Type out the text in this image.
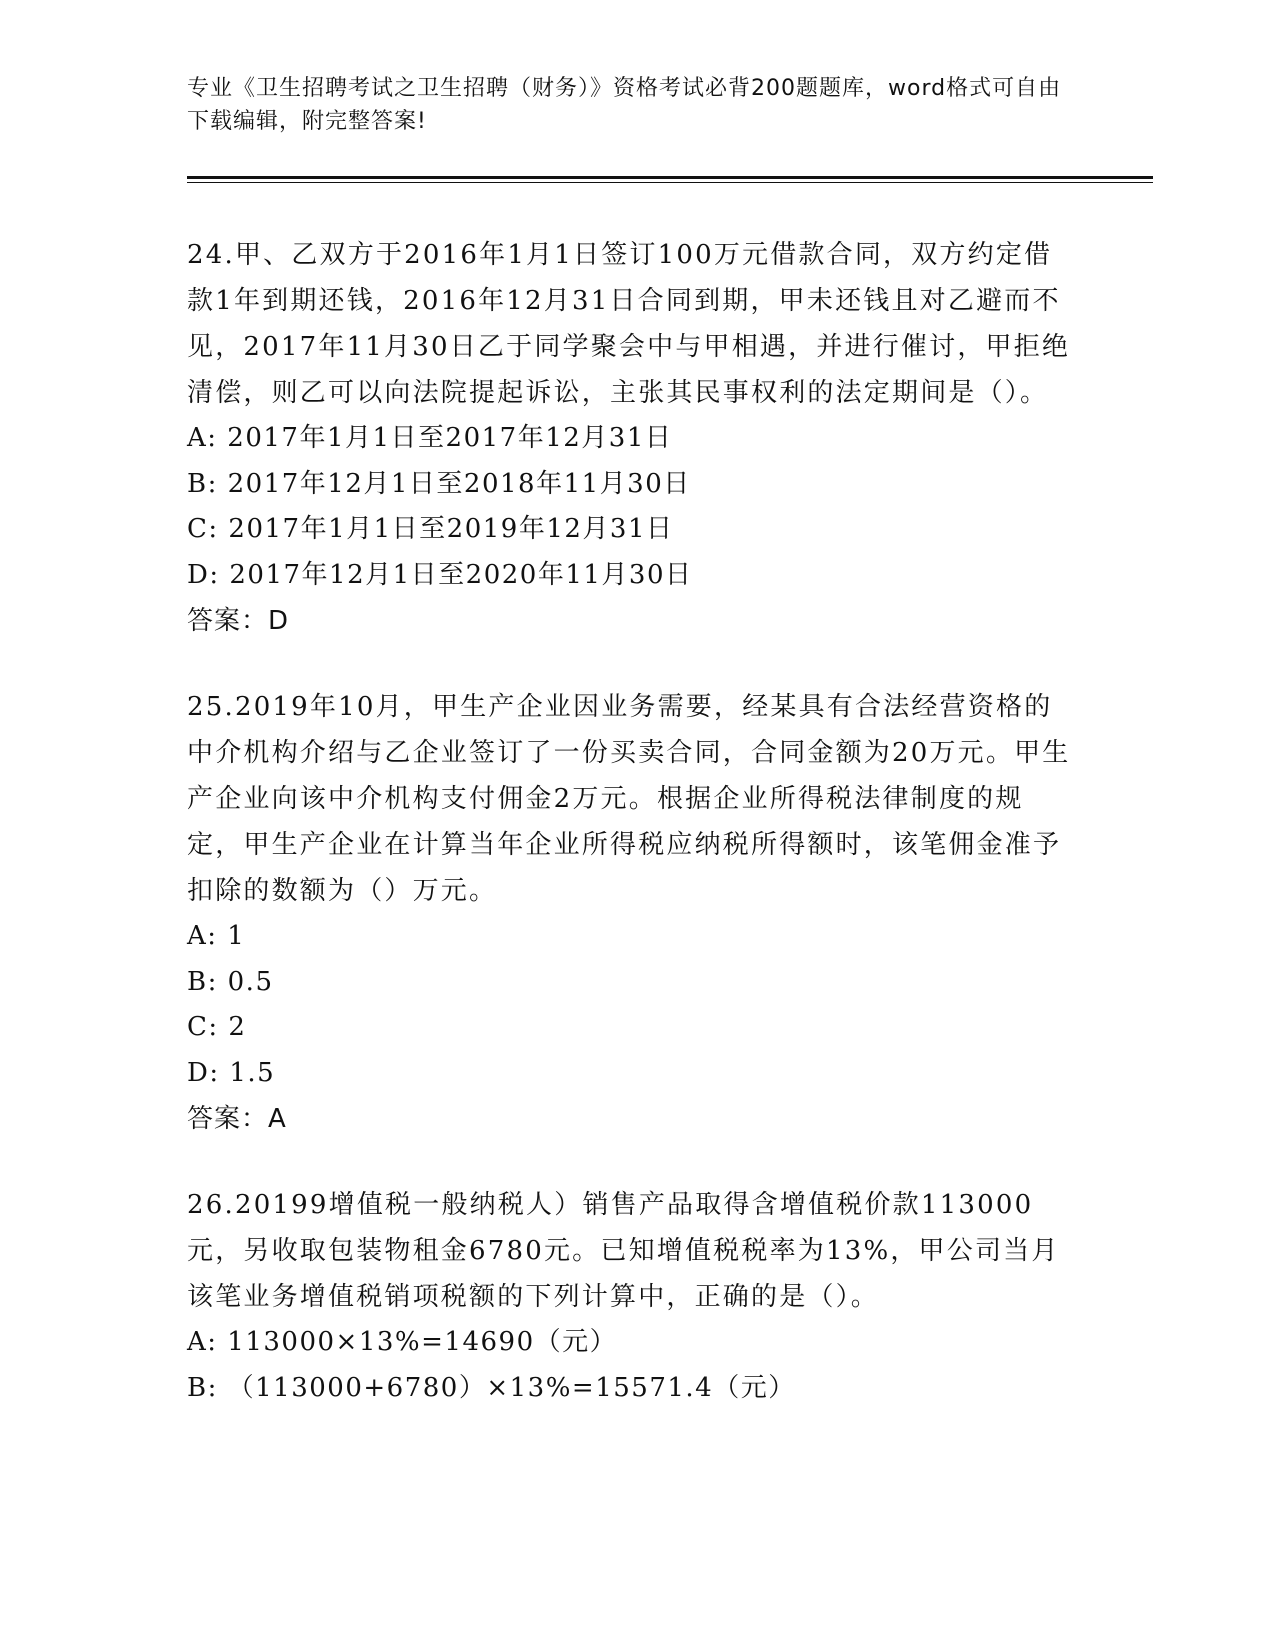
专业《卫生招聘考试之卫生招聘（财务）》资格考试必背200题题库，word格式可自由下载编辑，附完整答案!

24.甲、乙双方于2016年1月1日签订100万元借款合同，双方约定借款1年到期还钱，2016年12月31日合同到期，甲未还钱且对乙避而不见，2017年11月30日乙于同学聚会中与甲相遇，并进行催讨，甲拒绝清偿，则乙可以向法院提起诉讼，主张其民事权利的法定期间是（）。

A: 2017年1月1日至2017年12月31日

B: 2017年12月1日至2018年11月30日

C: 2017年1月1日至2019年12月31日

D: 2017年12月1日至2020年11月30日

答案：D

25.2019年10月，甲生产企业因业务需要，经某具有合法经营资格的中介机构介绍与乙企业签订了一份买卖合同，合同金额为20万元。甲生产企业向该中介机构支付佣金2万元。根据企业所得税法律制度的规定，甲生产企业在计算当年企业所得税应纳税所得额时，该笔佣金准予扣除的数额为（）万元。

A: 1

B: 0.5

C: 2

D: 1.5

答案：A

26.20199增值税一般纳税人）销售产品取得含增值税价款113000元，另收取包装物租金6780元。已知增值税税率为13%，甲公司当月该笔业务增值税销项税额的下列计算中，正确的是（）。

A: 113000×13%=14690（元）

B: （113000+6780）×13%=15571.4（元）
